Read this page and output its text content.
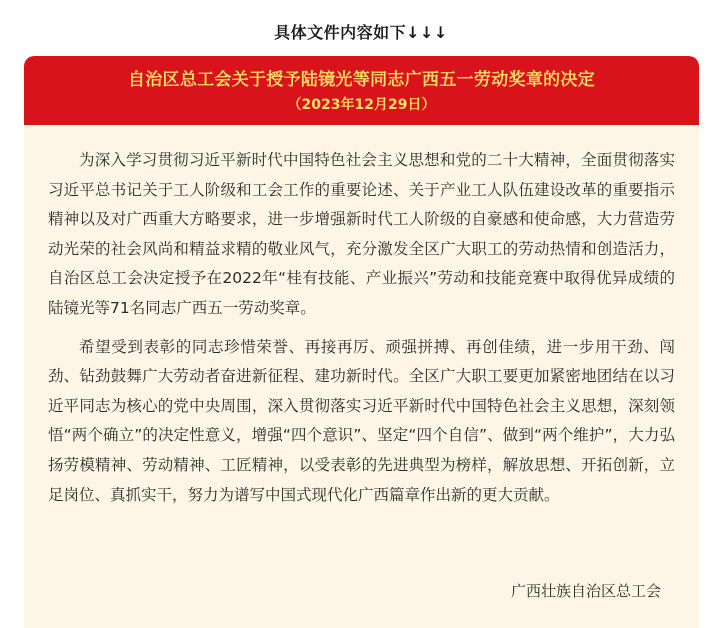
具体文件内容如下↓↓↓
自治区总工会关于授予陆镜光等同志广西五一劳动奖章的决定
（2023年12月29日）

为深入学习贯彻习近平新时代中国特色社会主义思想和党的二十大精神，全面贯彻落实习近平总书记关于工人阶级和工会工作的重要论述、关于产业工人队伍建设改革的重要指示精神以及对广西重大方略要求，进一步增强新时代工人阶级的自豪感和使命感，大力营造劳动光荣的社会风尚和精益求精的敬业风气，充分激发全区广大职工的劳动热情和创造活力，自治区总工会决定授予在2022年“桂有技能、产业振兴”劳动和技能竞赛中取得优异成绩的陆镜光等71名同志广西五一劳动奖章。

希望受到表彰的同志珍惜荣誉、再接再厉、顽强拼搏、再创佳绩，进一步用干劲、闯劲、钻劲鼓舞广大劳动者奋进新征程、建功新时代。全区广大职工要更加紧密地团结在以习近平同志为核心的党中央周围，深入贯彻落实习近平新时代中国特色社会主义思想，深刻领悟“两个确立”的决定性意义，增强“四个意识”、坚定“四个自信”、做到“两个维护”，大力弘扬劳模精神、劳动精神、工匠精神，以受表彰的先进典型为榜样，解放思想、开拓创新，立足岗位、真抓实干，努力为谱写中国式现代化广西篇章作出新的更大贡献。

广西壮族自治区总工会
